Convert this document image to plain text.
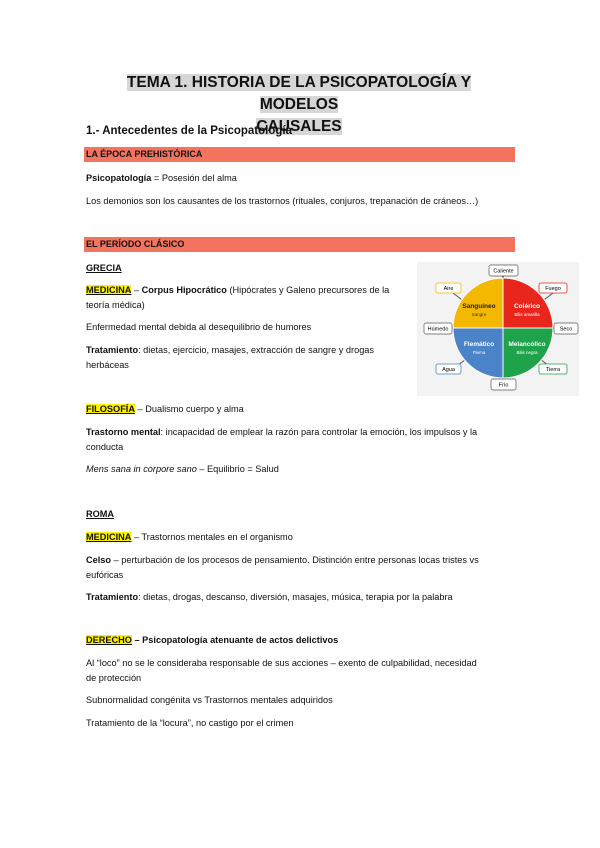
TEMA 1. HISTORIA DE LA PSICOPATOLOGÍA Y MODELOS
CAUSALES
1.- Antecedentes de la Psicopatología
LA ÉPOCA PREHISTÓRICA
Psicopatología = Posesión del alma
Los demonios son los causantes de los trastornos (rituales, conjuros, trepanación de cráneos…)
EL PERÍODO CLÁSICO
GRECIA
MEDICINA – Corpus Hipocrático (Hipócrates y Galeno precursores de la
teoría médica)
Enfermedad mental debida al desequilibrio de humores
Tratamiento: dietas, ejercicio, masajes, extracción de sangre y drogas
herbáceas
FILOSOFÍA – Dualismo cuerpo y alma
Trastorno mental: incapacidad de emplear la razón para controlar la emoción, los impulsos y la
conducta
Mens sana in corpore sano – Equilibrio = Salud
ROMA
MEDICINA – Trastornos mentales en el organismo
Celso – perturbación de los procesos de pensamiento. Distinción entre personas locas tristes vs
eufóricas
Tratamiento: dietas, drogas, descanso, diversión, masajes, música, terapia por la palabra
DERECHO – Psicopatología atenuante de actos delictivos
Al “loco” no se le consideraba responsable de sus acciones – exento de culpabilidad, necesidad
de protección
Subnormalidad congénita vs Trastornos mentales adquiridos
Tratamiento de la “locura”, no castigo por el crimen
Sanguíneo
Sangre
Colérico
Bilis amarilla
Flemático
Flema
Melancólico
Bilis negra
Caliente
Frío
Húmedo	Seco
Aire	Fuego
Agua	Tierra
